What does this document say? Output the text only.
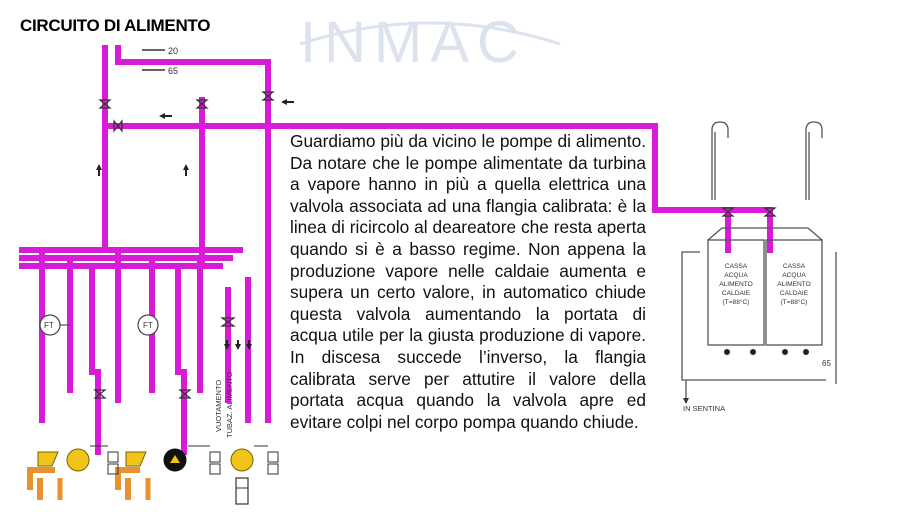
INMAC
20
65
FT	FT
VUOTAMENTO TUBAZ. ALIMENTO
CASSA
ACQUA
ALIMENTO
CALDAIE
(T=88°C)
CASSA
ACQUA
ALIMENTO
CALDAIE
(T=88°C)
65
IN SENTINA
CIRCUITO DI ALIMENTO
Guardiamo più da vicino le pompe di alimento. Da notare che le pompe alimentate da turbina a vapore hanno in più a quella elettrica una valvola associata ad una flangia calibrata: è la linea di ricircolo al deareatore che resta aperta quando si è a basso regime. Non appena la produzione vapore nelle caldaie aumenta e supera un certo valore, in automatico chiude questa valvola aumentando la portata di acqua utile per la giusta produzione di vapore. In discesa succede l’inverso, la flangia calibrata serve per attutire il valore della portata acqua quando la valvola apre ed evitare colpi nel corpo pompa quando chiude.
